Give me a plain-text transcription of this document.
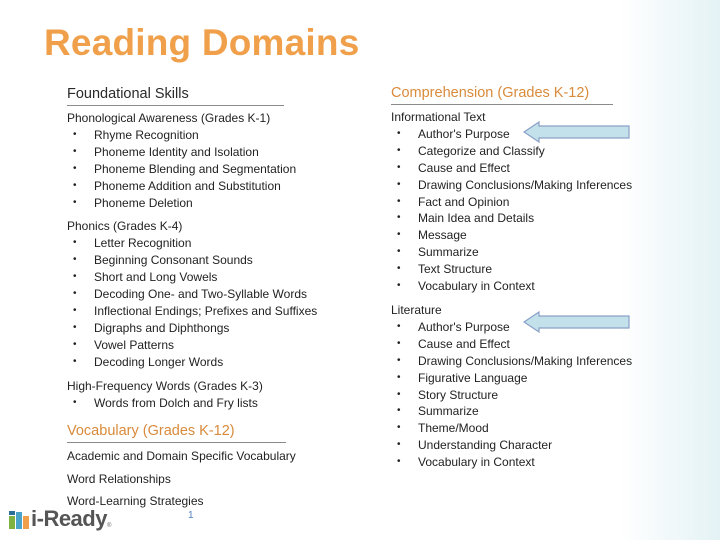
Reading Domains
Foundational Skills	Comprehension (Grades K-12)
Phonological Awareness (Grades K-1)
• Rhyme Recognition
• Phoneme Identity and Isolation
• Phoneme Blending and Segmentation
• Phoneme Addition and Substitution
• Phoneme Deletion
Phonics (Grades K-4)
• Letter Recognition
• Beginning Consonant Sounds
• Short and Long Vowels
• Decoding One- and Two-Syllable Words
• Inflectional Endings; Prefixes and Suffixes
• Digraphs and Diphthongs
• Vowel Patterns
• Decoding Longer Words
High-Frequency Words (Grades K-3)
• Words from Dolch and Fry lists
Vocabulary (Grades K-12)
Academic and Domain Specific Vocabulary
Word Relationships
Word-Learning Strategies
Informational Text
• Author's Purpose
• Categorize and Classify
• Cause and Effect
• Drawing Conclusions/Making Inferences
• Fact and Opinion
• Main Idea and Details
• Message
• Summarize
• Text Structure
• Vocabulary in Context
Literature
• Author's Purpose
• Cause and Effect
• Drawing Conclusions/Making Inferences
• Figurative Language
• Story Structure
• Summarize
• Theme/Mood
• Understanding Character
• Vocabulary in Context
i-Ready ®
1
